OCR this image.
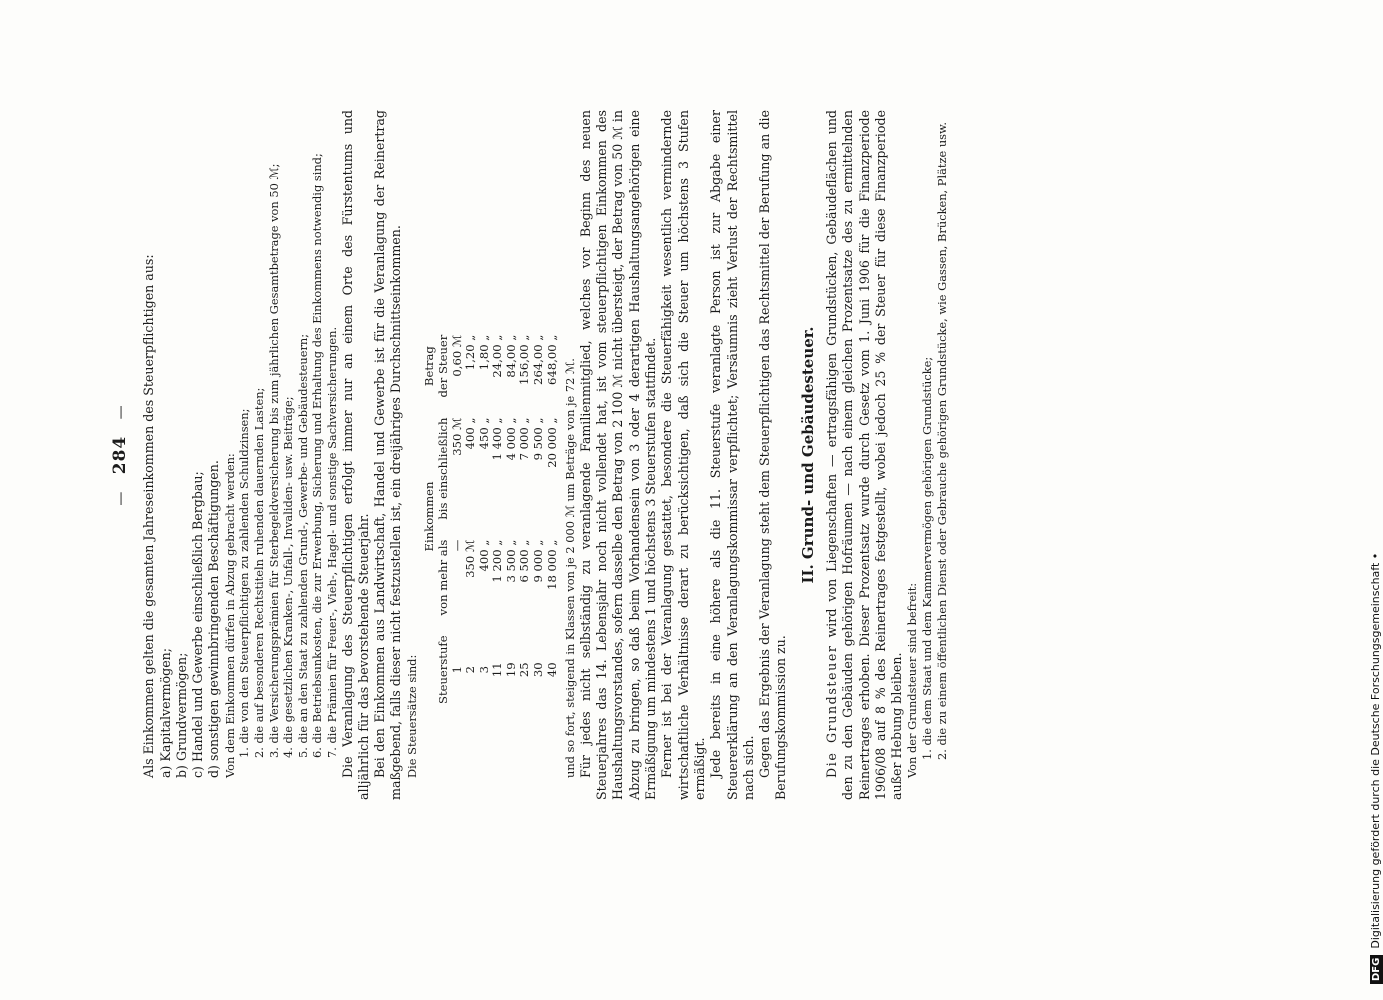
—   284   — Als Einkommen gelten die gesamten Jahreseinkommen des Steuerpflichtigen aus: a) Kapitalvermögen; b) Grundvermögen; c) Handel und Gewerbe einschließlich Bergbau; d) sonstigen gewinnbringenden Beschäftigungen. Von dem Einkommen dürfen in Abzug gebracht werden: 1. die von den Steuerpflichtigen zu zahlenden Schuldzinsen; 2. die auf besonderen Rechtstiteln ruhenden dauernden Lasten; 3. die Versicherungsprämien für Sterbegeldversicherung bis zum jährlichen Gesamtbetrage von 50 ℳ; 4. die gesetzlichen Kranken-, Unfall-, Invaliden- usw. Beiträge; 5. die an den Staat zu zahlenden Grund-, Gewerbe- und Gebäudesteuern; 6. die Betriebsunkosten, die zur Erwerbung, Sicherung und Erhaltung des Einkommens notwendig sind; 7. die Prämien für Feuer-, Vieh-, Hagel- und sonstige Sachversicherungen. Die Veranlagung des Steuerpflichtigen erfolgt immer nur an einem Orte des Fürstentums und alljährlich für das bevorstehende Steuerjahr. Bei den Einkommen aus Landwirtschaft, Handel und Gewerbe ist für die Veranlagung der Reinertrag maßgebend, falls dieser nicht festzustellen ist, ein dreijähriges Durchschnittseinkommen. Die Steuersätze sind:

	Einkommen		Betrag
Steuerstufe	von mehr als	bis einschließlich	der Steuer
1	—	350 ℳ	0,60 ℳ
2	350 ℳ	400 „	1,20 „
3	400 „	450 „	1,80 „
11	1 200 „	1 400 „	24,00 „
19	3 500 „	4 000 „	84,00 „
25	6 500 „	7 000 „	156,00 „
30	9 000 „	9 500 „	264,00 „
40	18 000 „	20 000 „	648,00 „ und so fort, steigend in Klassen von je 2 000 ℳ um Beträge von je 72 ℳ. Für jedes nicht selbständig zu veranlagende Familienmitglied, welches vor Beginn des neuen Steuerjahres das 14. Lebensjahr noch nicht vollendet hat, ist vom steuerpflichtigen Einkommen des Haushaltungsvorstandes, sofern dasselbe den Betrag von 2 100 ℳ nicht übersteigt, der Betrag von 50 ℳ in Abzug zu bringen, so daß beim Vorhandensein von 3 oder 4 derartigen Haushaltungsangehörigen eine Ermäßigung um mindestens 1 und höchstens 3 Steuerstufen stattfindet. Ferner ist bei der Veranlagung gestattet, besondere die Steuerfähigkeit wesentlich vermindernde wirtschaftliche Verhältnisse derart zu berücksichtigen, daß sich die Steuer um höchstens 3 Stufen ermäßigt. Jede bereits in eine höhere als die 11. Steuerstufe veranlagte Person ist zur Abgabe einer Steuererklärung an den Veranlagungskommissar verpflichtet; Versäumnis zieht Verlust der Rechtsmittel nach sich. Gegen das Ergebnis der Veranlagung steht dem Steuerpflichtigen das Rechtsmittel der Berufung an die Berufungskommission zu.

II. Grund- und Gebäudesteuer.

Die Grundsteuer wird von Liegenschaften — ertragsfähigen Grundstücken, Gebäudeflächen und den zu den Gebäuden gehörigen Hofräumen — nach einem gleichen Prozentsatze des zu ermittelnden Reinertrages erhoben. Dieser Prozentsatz wurde durch Gesetz vom 1. Juni 1906 für die Finanzperiode 1906/08 auf 8 % des Reinertrages festgestellt, wobei jedoch 25 % der Steuer für diese Finanzperiode außer Hebung bleiben. Von der Grundsteuer sind befreit: 1. die dem Staat und dem Kammervermögen gehörigen Grundstücke; 2. die zu einem öffentlichen Dienst oder Gebrauche gehörigen Grundstücke, wie Gassen, Brücken, Plätze usw.

DFGDigitalisierung gefördert durch die Deutsche Forschungsgemeinschaft •
